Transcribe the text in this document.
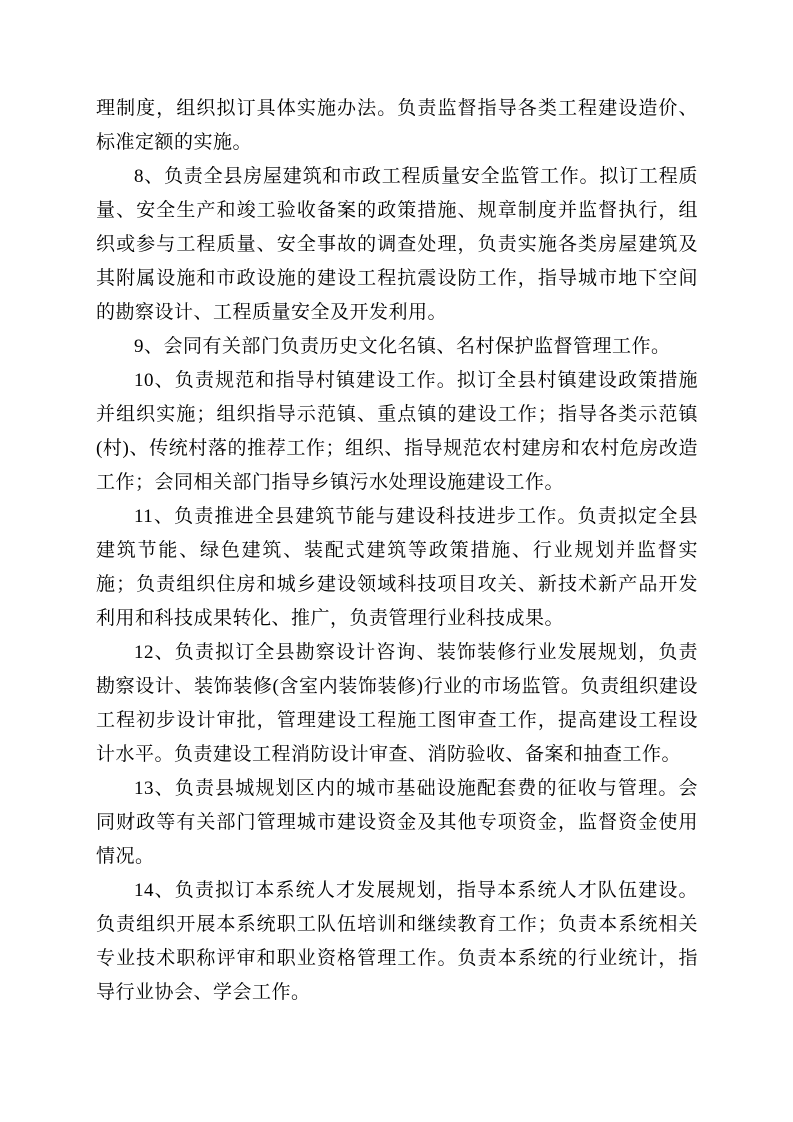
理制度，组织拟订具体实施办法。负责监督指导各类工程建设造价、标准定额的实施。

8、负责全县房屋建筑和市政工程质量安全监管工作。拟订工程质量、安全生产和竣工验收备案的政策措施、规章制度并监督执行，组织或参与工程质量、安全事故的调查处理，负责实施各类房屋建筑及其附属设施和市政设施的建设工程抗震设防工作，指导城市地下空间的勘察设计、工程质量安全及开发利用。

9、会同有关部门负责历史文化名镇、名村保护监督管理工作。

10、负责规范和指导村镇建设工作。拟订全县村镇建设政策措施并组织实施；组织指导示范镇、重点镇的建设工作；指导各类示范镇(村)、传统村落的推荐工作；组织、指导规范农村建房和农村危房改造工作；会同相关部门指导乡镇污水处理设施建设工作。

11、负责推进全县建筑节能与建设科技进步工作。负责拟定全县建筑节能、绿色建筑、装配式建筑等政策措施、行业规划并监督实施；负责组织住房和城乡建设领域科技项目攻关、新技术新产品开发利用和科技成果转化、推广，负责管理行业科技成果。

12、负责拟订全县勘察设计咨询、装饰装修行业发展规划，负责勘察设计、装饰装修(含室内装饰装修)行业的市场监管。负责组织建设工程初步设计审批，管理建设工程施工图审查工作，提高建设工程设计水平。负责建设工程消防设计审查、消防验收、备案和抽查工作。

13、负责县城规划区内的城市基础设施配套费的征收与管理。会同财政等有关部门管理城市建设资金及其他专项资金，监督资金使用情况。

14、负责拟订本系统人才发展规划，指导本系统人才队伍建设。负责组织开展本系统职工队伍培训和继续教育工作；负责本系统相关专业技术职称评审和职业资格管理工作。负责本系统的行业统计，指导行业协会、学会工作。
